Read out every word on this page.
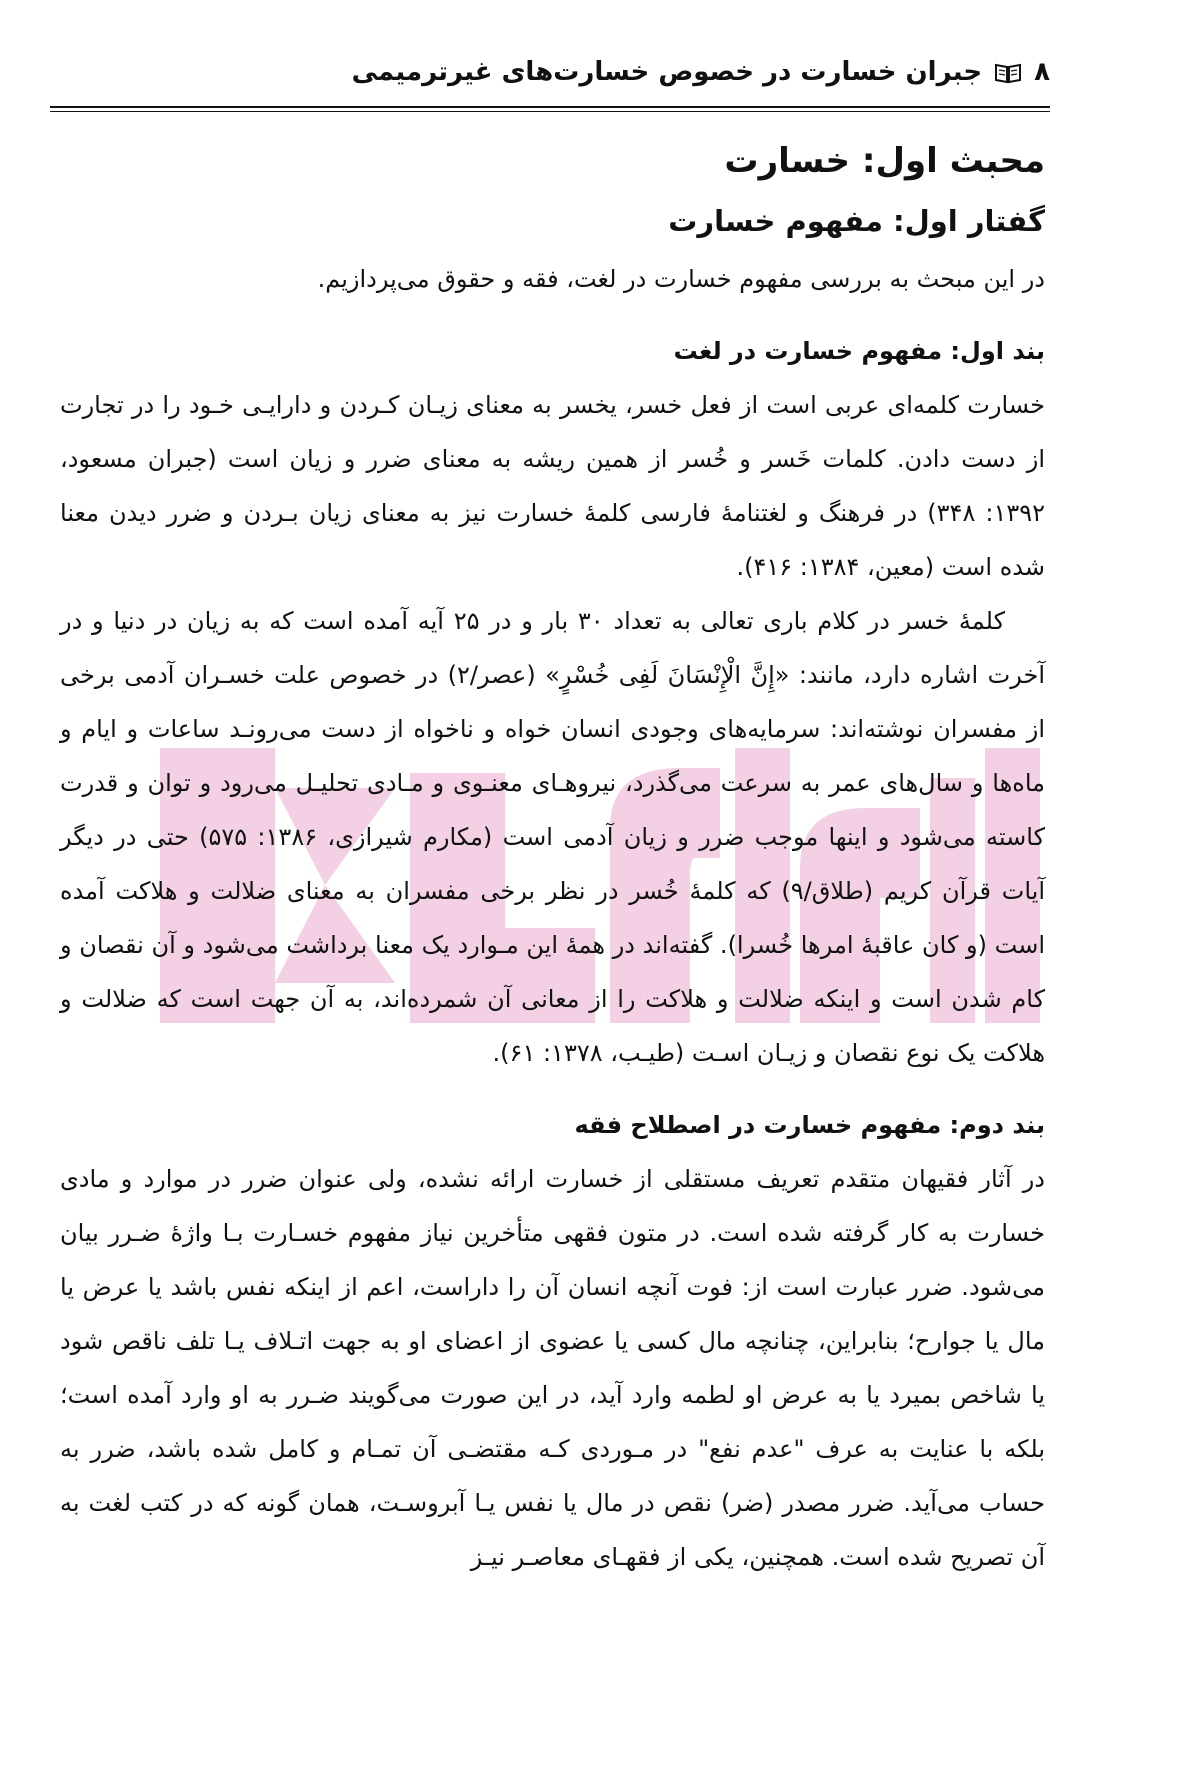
۸
جبران خسارت در خصوص خسارت‌های غیرترمیمی
محبث اول: خسارت
گفتار اول: مفهوم خسارت

در این مبحث به بررسی مفهوم خسارت در لغت، فقه و حقوق می‌پردازیم.

بند اول: مفهوم خسارت در لغت

خسارت کلمه‌ای عربی است از فعل خسر، یخسر به معنای زیـان کـردن و دارایـی خـود را در تجارت از دست دادن. کلمات خَسر و خُسر از همین ریشه به معنای ضرر و زیان است (جبران مسعود، ۱۳۹۲: ۳۴۸) در فرهنگ و لغتنامهٔ فارسی کلمهٔ خسارت نیز به معنای زیان بـردن و ضرر دیدن معنا شده است (معین، ۱۳۸۴: ۴۱۶).

کلمهٔ خسر در کلام باری تعالی به تعداد ۳۰ بار و در ۲۵ آیه آمده است که به زیان در دنیا و در آخرت اشاره دارد، مانند: «إِنَّ الْإِنْسَانَ لَفِی خُسْرٍ» (عصر/۲) در خصوص علت خسـران آدمی برخی از مفسران نوشته‌اند: سرمایه‌های وجودی انسان خواه و ناخواه از دست می‌رونـد ساعات و ایام و ماه‌ها و سال‌های عمر به سرعت می‌گذرد، نیروهـای معنـوی و مـادی تحلیـل می‌رود و توان و قدرت کاسته می‌شود و اینها موجب ضرر و زیان آدمی است (مکارم شیرازی، ۱۳۸۶: ۵۷۵) حتی در دیگر آیات قرآن کریم (طلاق/۹) که کلمهٔ خُسر در نظر برخی مفسران به معنای ضلالت و هلاکت آمده است (و کان عاقبهٔ امرها خُسرا). گفته‌اند در همهٔ این مـوارد یک معنا برداشت می‌شود و آن نقصان و کام شدن است و اینکه ضلالت و هلاکت را از معانی آن شمرده‌اند، به آن جهت است که ضلالت و هلاکت یک نوع نقصان و زیـان اسـت (طیـب، ۱۳۷۸: ۶۱).

بند دوم: مفهوم خسارت در اصطلاح فقه

در آثار فقیهان متقدم تعریف مستقلی از خسارت ارائه نشده، ولی عنوان ضرر در موارد و مادی خسارت به کار گرفته شده است. در متون فقهی متأخرین نیاز مفهوم خسـارت بـا واژهٔ ضـرر بیان می‌شود. ضرر عبارت است از: فوت آنچه انسان آن را داراست، اعم از اینکه نفس باشد یا عرض یا مال یا جوارح؛ بنابراین، چنانچه مال کسی یا عضوی از اعضای او به جهت اتـلاف یـا تلف ناقص شود یا شاخص بمیرد یا به عرض او لطمه وارد آید، در این صورت می‌گویند ضـرر به او وارد آمده است؛ بلکه با عنایت به عرف "عدم نفع" در مـوردی کـه مقتضـی آن تمـام و کامل شده باشد، ضرر به حساب می‌آید. ضرر مصدر (ضر) نقص در مال یا نفس یـا آبروسـت، همان گونه که در کتب لغت به آن تصریح شده است. همچنین، یکی از فقهـای معاصـر نیـز
